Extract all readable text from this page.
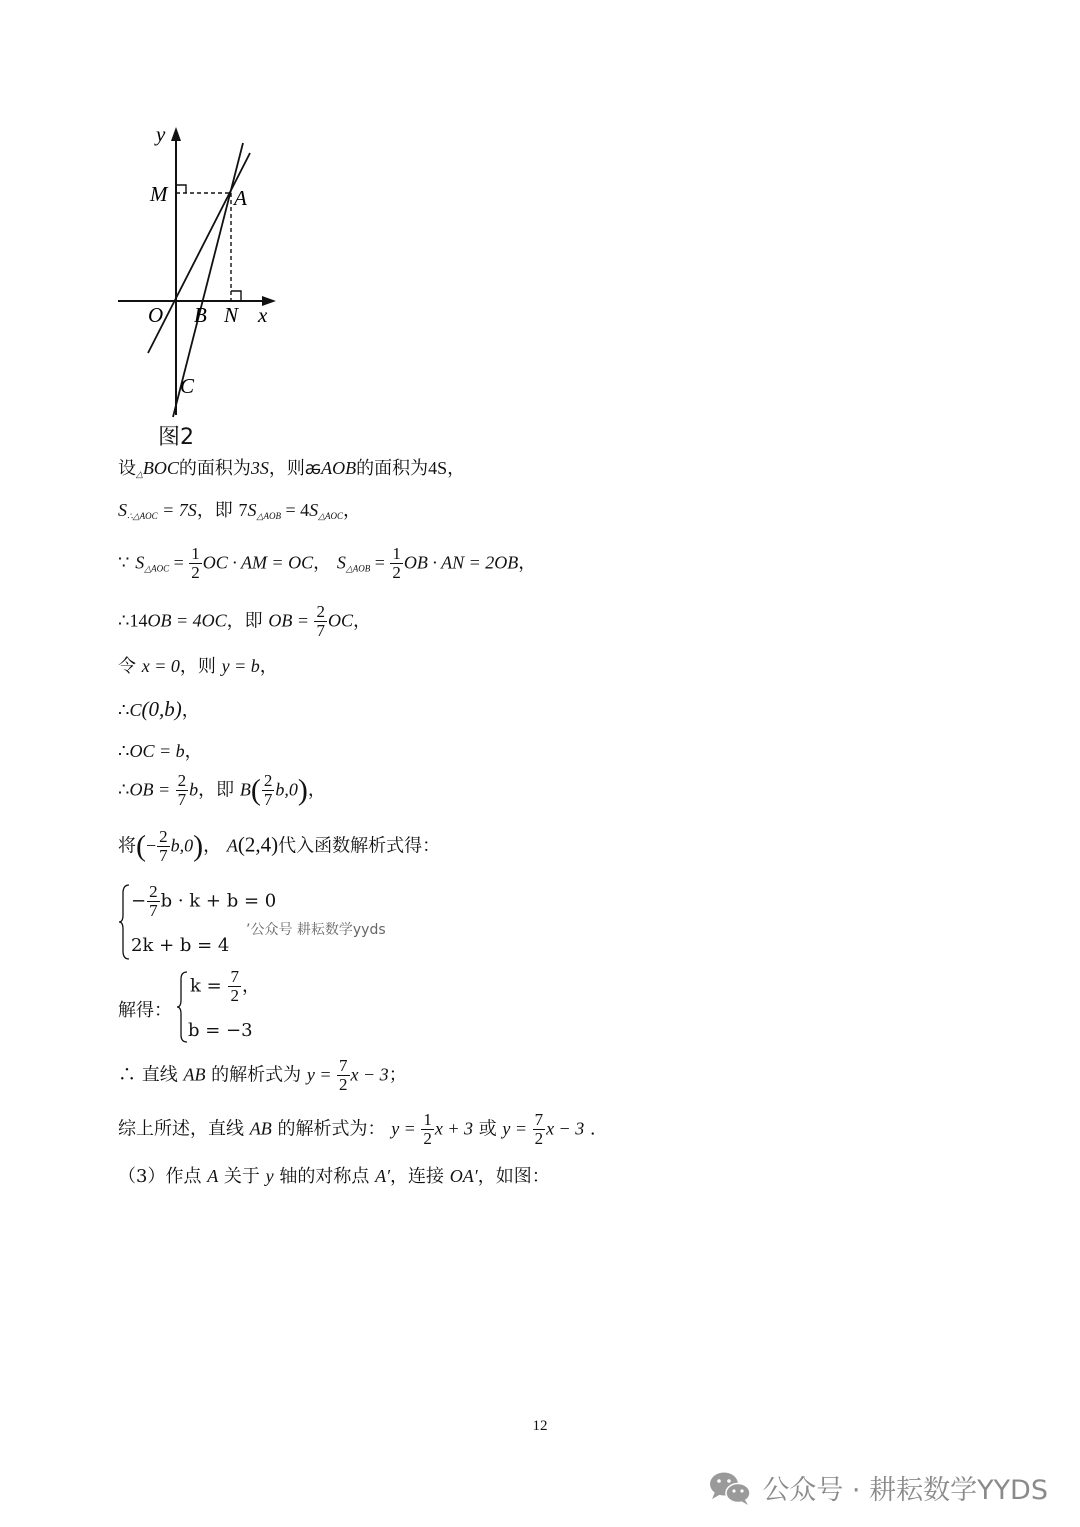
y
M	A
O B N x
C
图2
设$_\triangle$BOC的面积为3S，则ꬱAOB的面积为4S，
$S_{\therefore\triangle AOC} = 7S$，即 $7S_{\triangle AOB} = 4S_{\triangle AOC}$，
∵ $S_{\triangle AOC} = \frac{1}{2}$ OC · AM = OC， $S_{\triangle AOB} = \frac{1}{2}$ OB · AN = 2OB，
∴14OB = 4OC，即 OB = $\frac{2}{7}$ OC，
令 x = 0，则 y = b，
∴C(0,b)，
∴OC = b，
∴OB = $\frac{2}{7}$ b，即 $B( \frac{2}{7} b,0)$，
将(− $\frac{2}{7} b,0$)， A(2,4)代入函数解析式得：
− $\frac{2}{7}$ b · k + b = 0
2k + b = 4
’公众号 耕耘数学yyds
解得：
$k = \frac{7}{2}$ ，
b = −3
∴ 直线 AB 的解析式为 $y = \frac{7}{2}$ x − 3；
综上所述，直线 AB 的解析式为： $y = \frac{1}{2}$ x + 3 或 $y = \frac{7}{2}$ x − 3 .
（3）作点 A 关于 y 轴的对称点 A′，连接 OA′，如图：
12
公众号 · 耕耘数学YYDS
